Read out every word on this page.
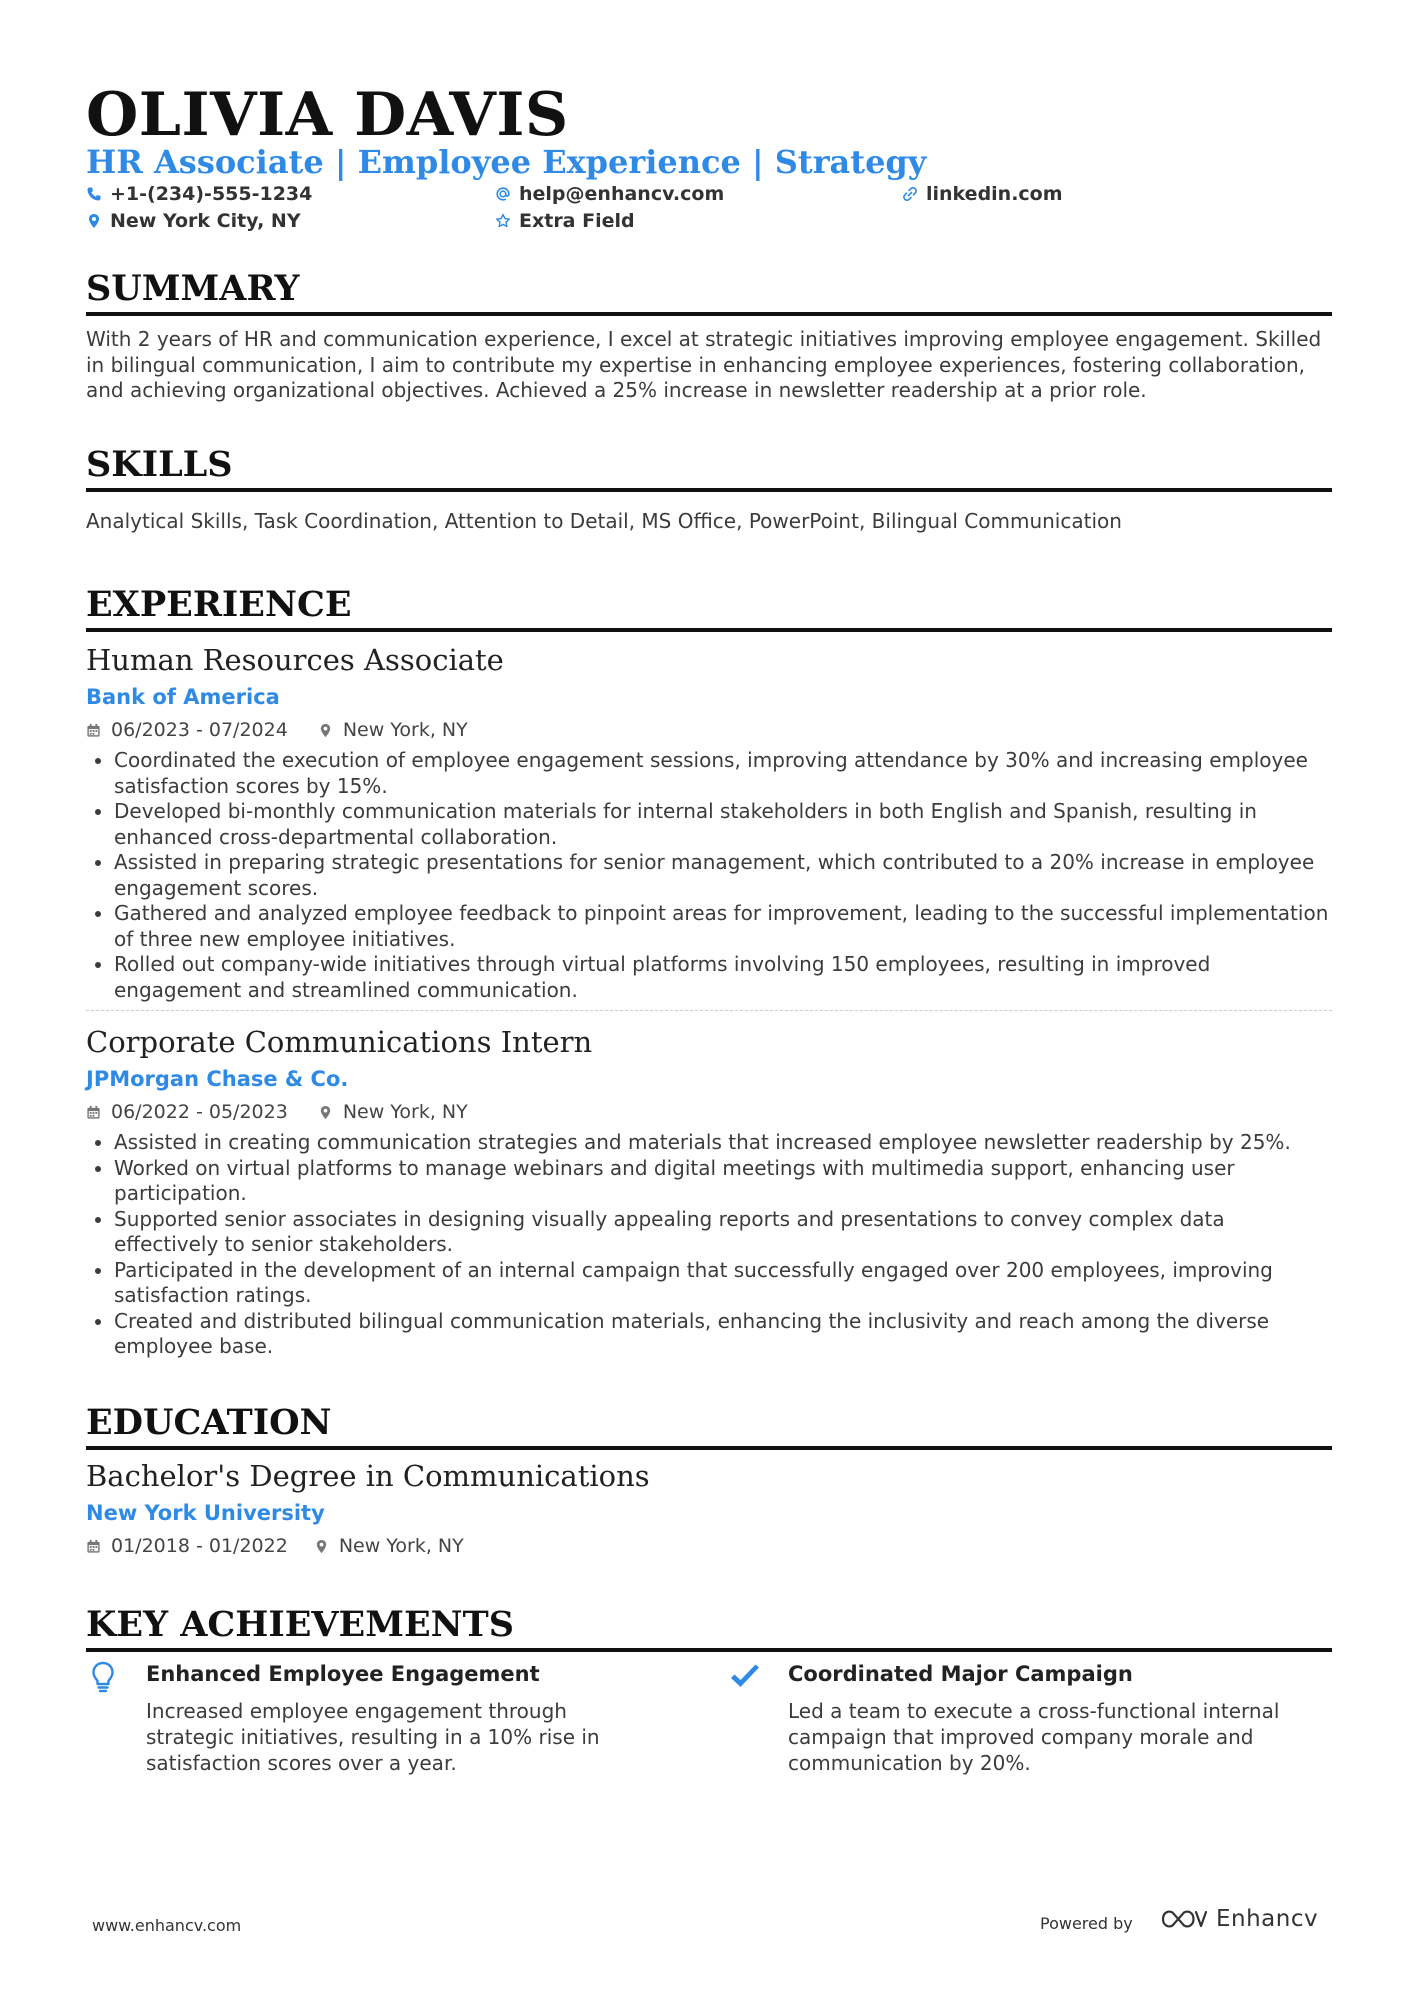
OLIVIA DAVIS
HR Associate | Employee Experience | Strategy
+1-(234)-555-1234	help@enhancv.com	linkedin.com
New York City, NY	Extra Field
SUMMARY

With 2 years of HR and communication experience, I excel at strategic initiatives improving employee engagement. Skilled in bilingual communication, I aim to contribute my expertise in enhancing employee experiences, fostering collaboration, and achieving organizational objectives. Achieved a 25% increase in newsletter readership at a prior role.

SKILLS

Analytical Skills, Task Coordination, Attention to Detail, MS Office, PowerPoint, Bilingual Communication

EXPERIENCE
Human Resources Associate
Bank of America
06/2023 - 07/2024	New York, NY
• Coordinated the execution of employee engagement sessions, improving attendance by 30% and increasing employee satisfaction scores by 15%.
• Developed bi-monthly communication materials for internal stakeholders in both English and Spanish, resulting in enhanced cross-departmental collaboration.
• Assisted in preparing strategic presentations for senior management, which contributed to a 20% increase in employee engagement scores.
• Gathered and analyzed employee feedback to pinpoint areas for improvement, leading to the successful implementation of three new employee initiatives.
• Rolled out company-wide initiatives through virtual platforms involving 150 employees, resulting in improved engagement and streamlined communication.
Corporate Communications Intern
JPMorgan Chase & Co.
06/2022 - 05/2023	New York, NY
• Assisted in creating communication strategies and materials that increased employee newsletter readership by 25%.
• Worked on virtual platforms to manage webinars and digital meetings with multimedia support, enhancing user participation.
• Supported senior associates in designing visually appealing reports and presentations to convey complex data effectively to senior stakeholders.
• Participated in the development of an internal campaign that successfully engaged over 200 employees, improving satisfaction ratings.
• Created and distributed bilingual communication materials, enhancing the inclusivity and reach among the diverse employee base.
EDUCATION
Bachelor's Degree in Communications
New York University
01/2018 - 01/2022	New York, NY
KEY ACHIEVEMENTS
Enhanced Employee Engagement

Increased employee engagement through strategic initiatives, resulting in a 10% rise in satisfaction scores over a year.

Coordinated Major Campaign

Led a team to execute a cross-functional internal campaign that improved company morale and communication by 20%.

www.enhancv.com	Powered by	Enhancv
